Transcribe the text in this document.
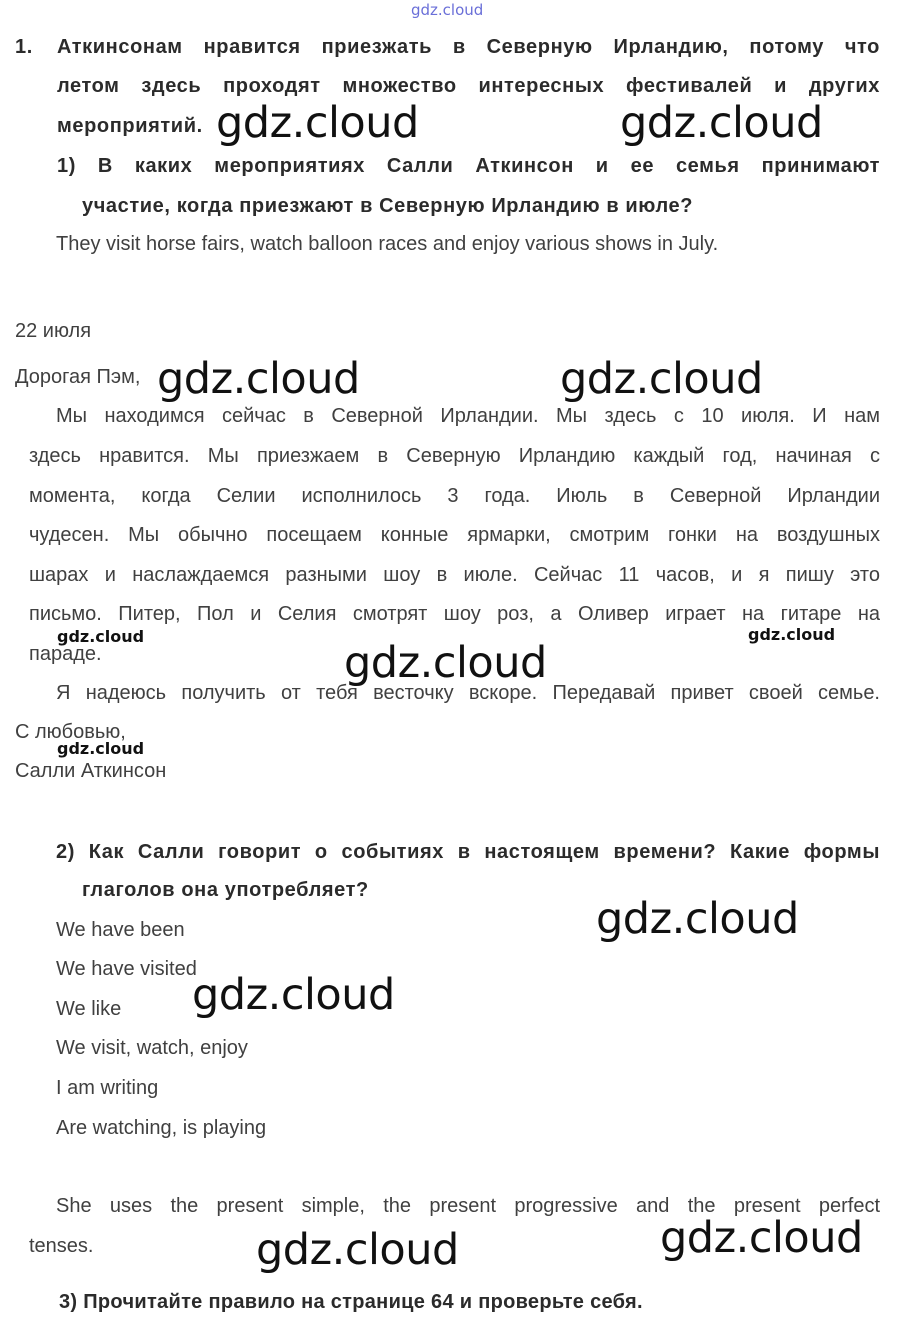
gdz.cloud
1. Аткинсонам нравится приезжать в Северную Ирландию, потому что
летом здесь проходят множество интересных фестивалей и других
мероприятий.
1) В каких мероприятиях Салли Аткинсон и ее семья принимают
участие, когда приезжают в Северную Ирландию в июле?
They visit horse fairs, watch balloon races and enjoy various shows in July.
22 июля
Дорогая Пэм,
Мы находимся сейчас в Северной Ирландии. Мы здесь с 10 июля. И нам
здесь нравится. Мы приезжаем в Северную Ирландию каждый год, начиная с
момента, когда Селии исполнилось 3 года. Июль в Северной Ирландии
чудесен. Мы обычно посещаем конные ярмарки, смотрим гонки на воздушных
шарах и наслаждаемся разными шоу в июле. Сейчас 11 часов, и я пишу это
письмо. Питер, Пол и Селия смотрят шоу роз, а Оливер играет на гитаре на
параде.
Я надеюсь получить от тебя весточку вскоре. Передавай привет своей семье.
С любовью,
Салли Аткинсон
2) Как Салли говорит о событиях в настоящем времени? Какие формы
глаголов она употребляет?
We have been
We have visited
We like
We visit, watch, enjoy
I am writing
Are watching, is playing
She uses the present simple, the present progressive and the present perfect
tenses.
3) Прочитайте правило на странице 64 и проверьте себя.
gdz.cloud	gdz.cloud
gdz.cloud	gdz.cloud
gdz.cloud
gdz.cloud
gdz.cloud
gdz.cloud	gdz.cloud
gdz.cloud	gdz.cloud
gdz.cloud
